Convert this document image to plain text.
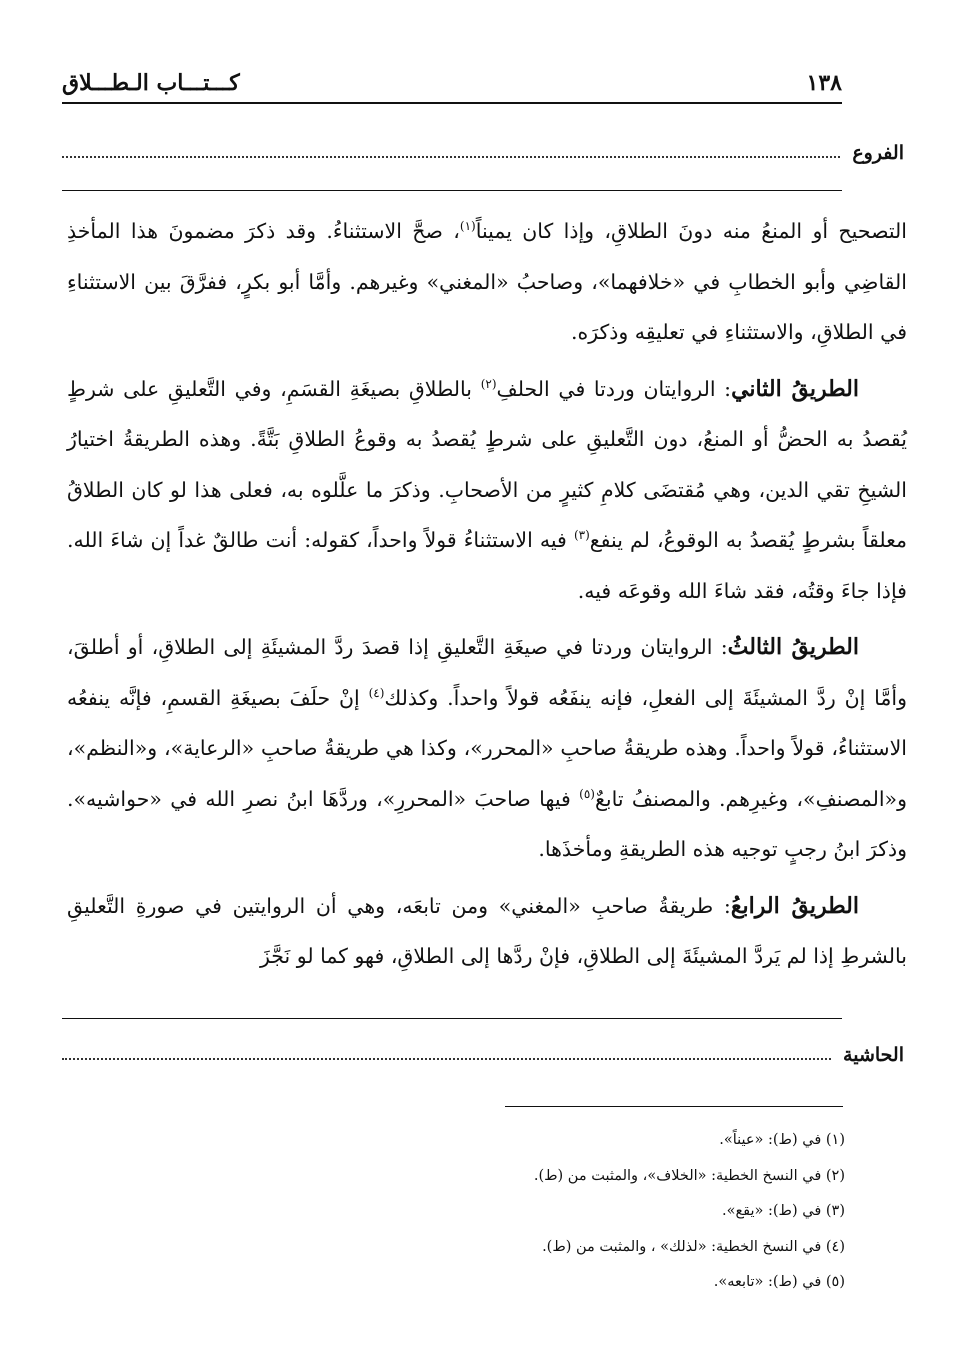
١٣٨
كـــتـــاب الـطـــلاق
الفروع

التصحيح أو المنعُ منه دونَ الطلاقِ، وإذا كان يميناً$^{(١)}$، صحَّ الاستثناءُ. وقد ذكرَ مضمونَ هذا المأخذِ القاضِي وأبو الخطابِ في «خلافهما»، وصاحبُ «المغني» وغيرهم. وأمَّا أبو بكرٍ، ففرَّقَ بين الاستثناءِ في الطلاقِ، والاستثناءِ في تعليقِه وذكرَه.

الطريقُ الثاني: الروايتان وردتا في الحلفِ$^{(٢)}$ بالطلاقِ بصيغَةِ القسَمِ، وفي التَّعليقِ على شرطٍ يُقصدُ به الحضُّ أو المنعُ، دون التَّعليقِ على شرطٍ يُقصدُ به وقوعُ الطلاقِ بَتَّةً. وهذه الطريقةُ اختيارُ الشيخِ تقي الدين، وهي مُقتضَى كلامِ كثيرٍ من الأصحابِ. وذكرَ ما علَّلوه به، فعلى هذا لو كان الطلاقُ معلقاً بشرطٍ يُقصدُ به الوقوعُ، لم ينفع$^{(٣)}$ فيه الاستثناءُ قولاً واحداً، كقوله: أنت طالقٌ غداً إن شاءَ الله. فإذا جاءَ وقتُه، فقد شاءَ الله وقوعَه فيه.

الطريقُ الثالثُ: الروايتان وردتا في صيغَةِ التَّعليقِ إذا قصدَ ردَّ المشيئَةِ إلى الطلاقِ، أو أطلقَ، وأمَّا إنْ ردَّ المشيئَةَ إلى الفعلِ، فإنه ينفَعُه قولاً واحداً. وكذلك$^{(٤)}$ إنْ حلَفَ بصيغَةِ القسمِ، فإنَّه ينفعُه الاستثناءُ، قولاً واحداً. وهذه طريقةُ صاحبِ «المحرر»، وكذا هي طريقةُ صاحبِ «الرعاية»، و«النظم»، و«المصنفِ»، وغيرِهم. والمصنفُ تابعٌ$^{(٥)}$ فيها صاحبَ «المحررِ»، وردَّهَا ابنُ نصرِ الله في «حواشيه». وذكرَ ابنُ رجبٍ توجيه هذه الطريقةِ ومأخذَها.

الطريقُ الرابعُ: طريقةُ صاحبِ «المغني» ومن تابعَه، وهي أن الروايتين في صورةِ التَّعليقِ بالشرطِ إذا لم يَردَّ المشيئَةَ إلى الطلاقِ، فإنْ ردَّها إلى الطلاقِ، فهو كما لو نَجَّزَ

الحاشية
(١) في (ط): «عيناً».
(٢) في النسخ الخطية: «الخلاف»، والمثبت من (ط).
(٣) في (ط): «يقع».
(٤) في النسخ الخطية: «لذلك» ، والمثبت من (ط).
(٥) في (ط): «تابعه».
